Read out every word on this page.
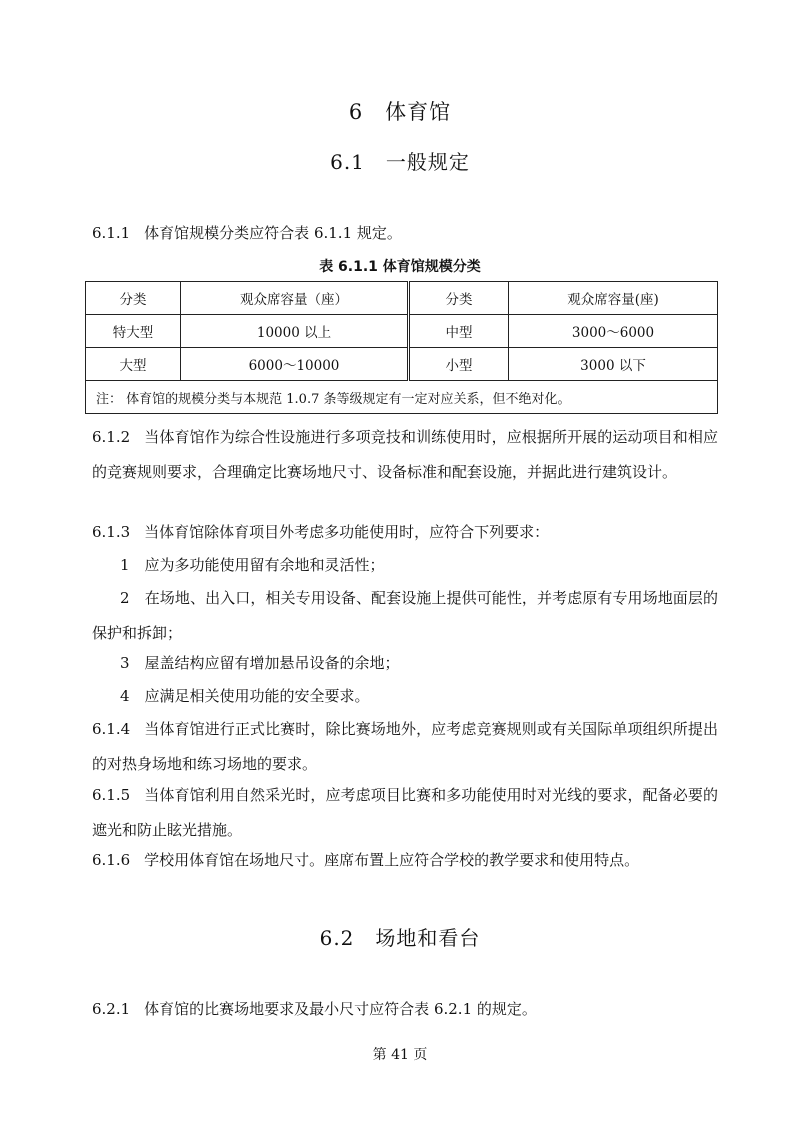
6　体育馆
6.1　一般规定
6.1.1 体育馆规模分类应符合表 6.1.1 规定。
表 6.1.1 体育馆规模分类
分类	观众席容量（座）	分类	观众席容量(座)
特大型	10000 以上	中型	3000～6000
大型	6000～10000	小型	3000 以下
注： 体育馆的规模分类与本规范 1.0.7 条等级规定有一定对应关系，但不绝对化。			
6.1.2 当体育馆作为综合性设施进行多项竞技和训练使用时，应根据所开展的运动项目和相应的竞赛规则要求，合理确定比赛场地尺寸、设备标准和配套设施，并据此进行建筑设计。
6.1.3 当体育馆除体育项目外考虑多功能使用时，应符合下列要求：
1　应为多功能使用留有余地和灵活性；
2　在场地、出入口，相关专用设备、配套设施上提供可能性，并考虑原有专用场地面层的保护和拆卸；
3　屋盖结构应留有增加悬吊设备的余地；
4　应满足相关使用功能的安全要求。
6.1.4 当体育馆进行正式比赛时，除比赛场地外，应考虑竞赛规则或有关国际单项组织所提出的对热身场地和练习场地的要求。
6.1.5 当体育馆利用自然采光时，应考虑项目比赛和多功能使用时对光线的要求，配备必要的遮光和防止眩光措施。
6.1.6 学校用体育馆在场地尺寸。座席布置上应符合学校的教学要求和使用特点。
6.2　场地和看台
6.2.1 体育馆的比赛场地要求及最小尺寸应符合表 6.2.1 的规定。
第 41 页
